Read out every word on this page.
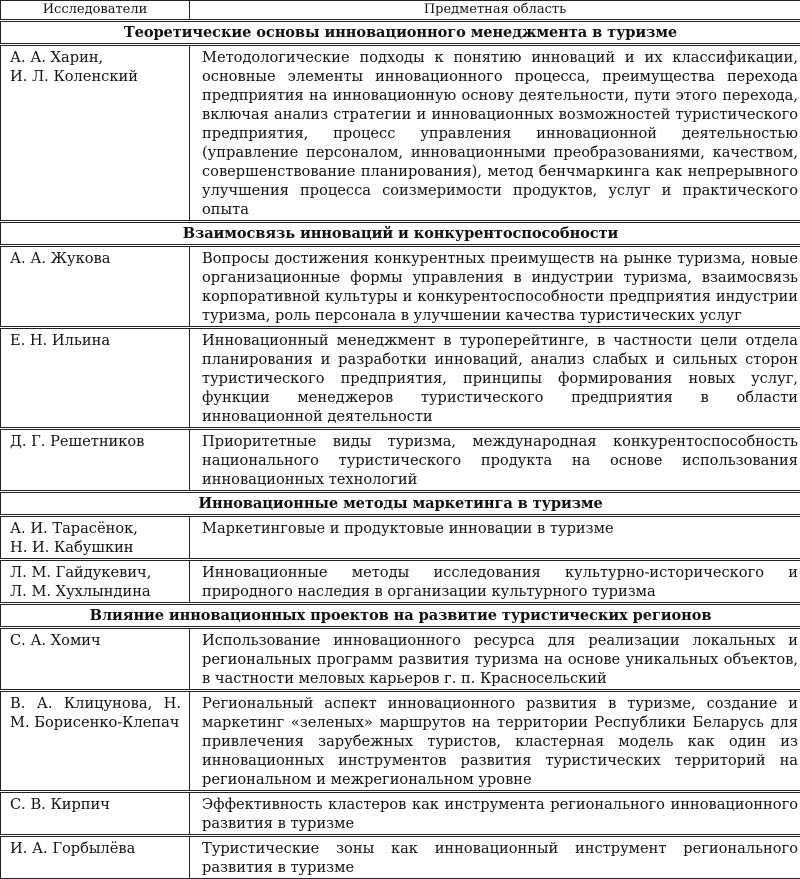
Исследователи	Предметная область
Теоретические основы инновационного менеджмента в туризме	

А. А. Харин,
И. Л. Коленский	Методологические подходы к понятию инноваций и их классификации, основные элементы инновационного процесса, преимущества перехода предприятия на инновационную основу деятельности, пути этого перехода, включая анализ стратегии и инновационных возможностей туристического предприятия, процесс управления инновационной деятельностью (управление персоналом, инновационными преобразованиями, качеством, совершенствование планирования), метод бенчмаркинга как непрерывного улучшения процесса соизмеримости продуктов, услуг и практического опыта
Взаимосвязь инноваций и конкурентоспособности	

А. А. Жукова	Вопросы достижения конкурентных преимуществ на рынке туризма, новые организационные формы управления в индустрии туризма, взаимосвязь корпоративной культуры и конкурентоспособности предприятия индустрии туризма, роль персонала в улучшении качества туристических услуг

Е. Н. Ильина	Инновационный менеджмент в туроперейтинге, в частности цели отдела планирования и разработки инноваций, анализ слабых и сильных сторон туристического предприятия, принципы формирования новых услуг, функции менеджеров туристического предприятия в области инновационной деятельности

Д. Г. Решетников	Приоритетные виды туризма, международная конкурентоспособность национального туристического продукта на основе использования инновационных технологий
Инновационные методы маркетинга в туризме	

А. И. Тарасёнок,
Н. И. Кабушкин	Маркетинговые и продуктовые инновации в туризме

Л. М. Гайдукевич,
Л. М. Хухлындина	Инновационные методы исследования культурно-исторического и природного наследия в организации культурного туризма
Влияние инновационных проектов на развитие туристических регионов	

С. А. Хомич	Использование инновационного ресурса для реализации локальных и региональных программ развития туризма на основе уникальных объектов, в частности меловых карьеров г. п. Красносельский
В. А. Клицунова, Н. М. Борисенко-Клепач	Региональный аспект инновационного развития в туризме, создание и маркетинг «зеленых» маршрутов на территории Республики Беларусь для привлечения зарубежных туристов, кластерная модель как один из инновационных инструментов развития туристических территорий на региональном и межрегиональном уровне

С. В. Кирпич	Эффективность кластеров как инструмента регионального инновационного развития в туризме

И. А. Горбылёва	Туристические зоны как инновационный инструмент регионального развития в туризме
